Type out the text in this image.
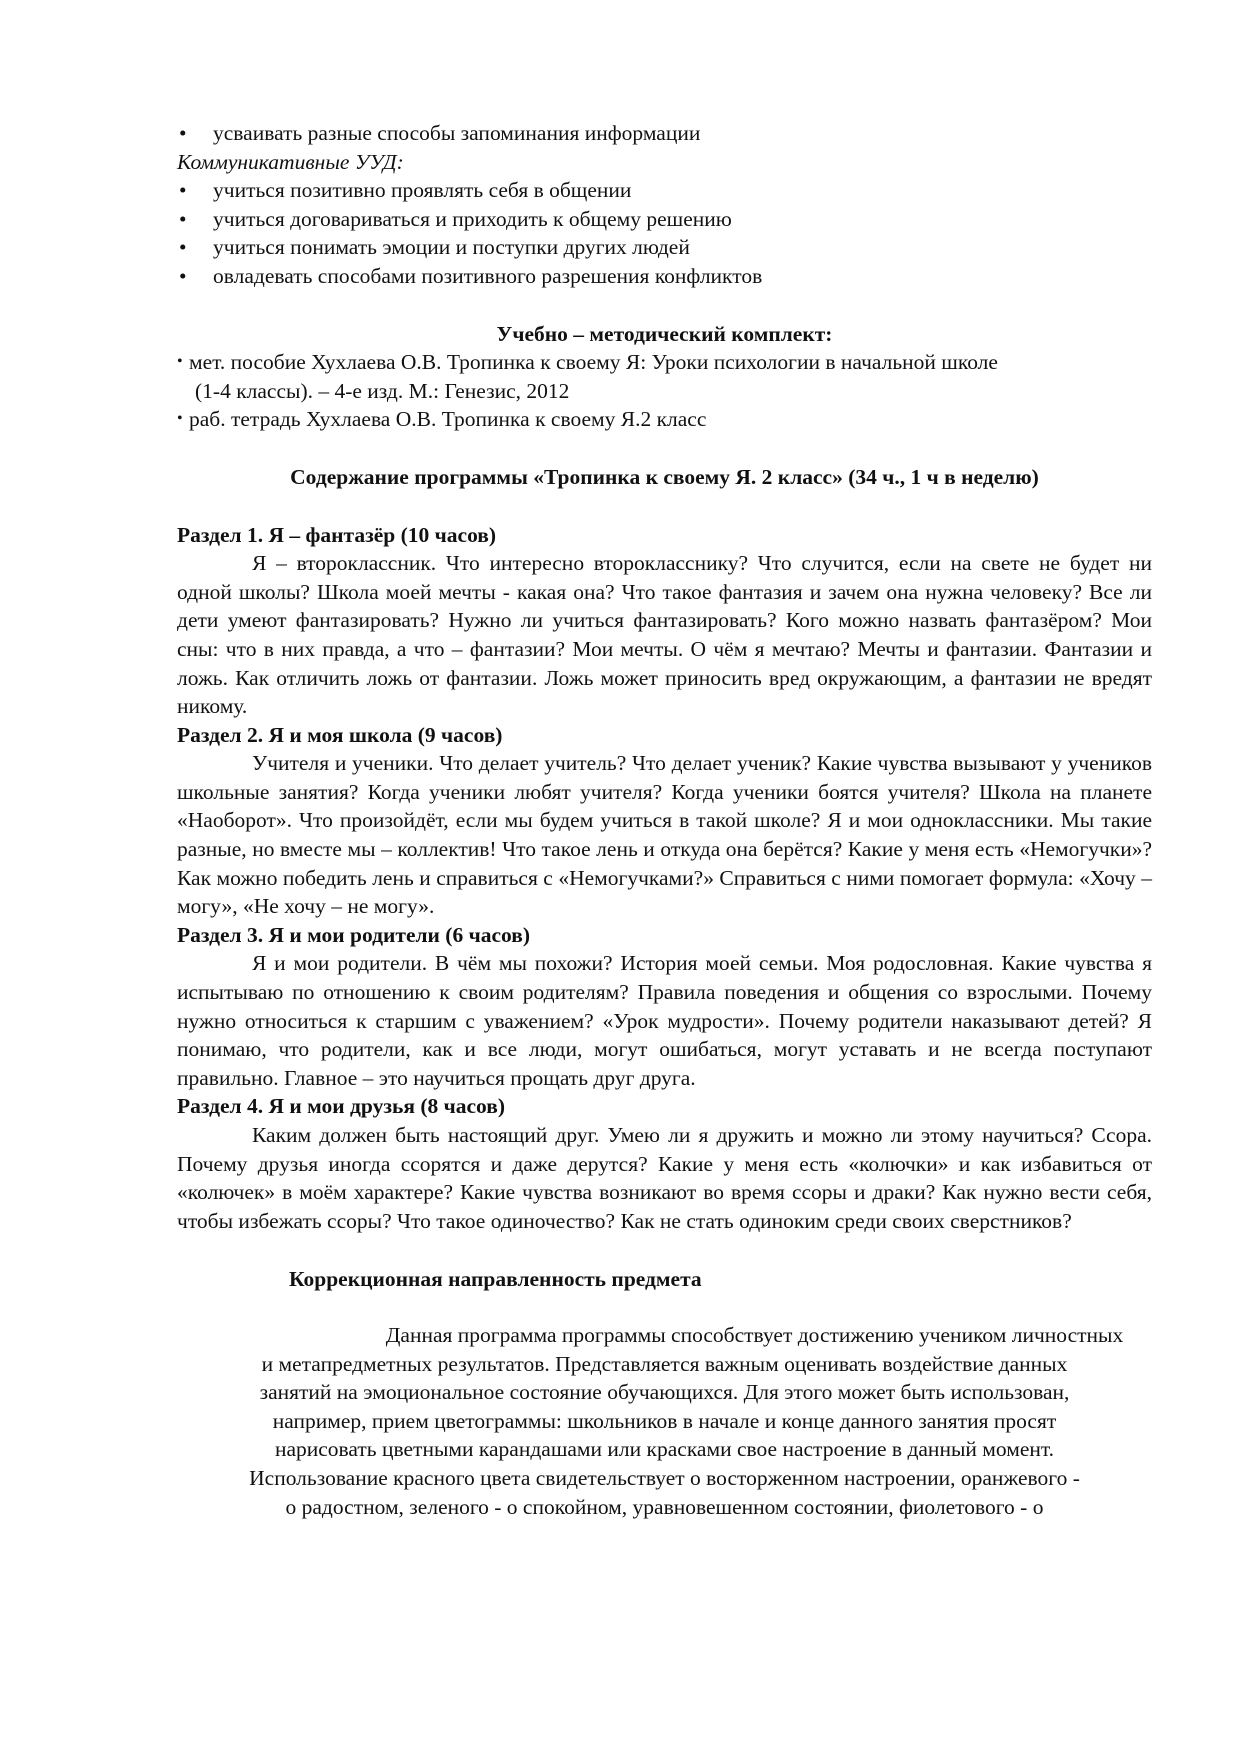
• усваивать разные способы запоминания информации
Коммуникативные УУД:
• учиться позитивно проявлять себя в общении
• учиться договариваться и приходить к общему решению
• учиться понимать эмоции и поступки других людей
• овладевать способами позитивного разрешения конфликтов
Учебно – методический комплект:
• мет. пособие Хухлаева О.В. Тропинка к своему Я: Уроки психологии в начальной школе
(1-4 классы). – 4-е изд. М.: Генезис, 2012
• раб. тетрадь Хухлаева О.В. Тропинка к своему Я.2 класс
Содержание программы «Тропинка к своему Я. 2 класс» (34 ч., 1 ч в неделю)
Раздел 1. Я – фантазёр (10 часов)
Я – второклассник. Что интересно второкласснику? Что случится, если на свете не будет ни одной школы? Школа моей мечты - какая она? Что такое фантазия и зачем она нужна человеку? Все ли дети умеют фантазировать? Нужно ли учиться фантазировать? Кого можно назвать фантазёром? Мои сны: что в них правда, а что – фантазии? Мои мечты. О чём я мечтаю? Мечты и фантазии. Фантазии и ложь. Как отличить ложь от фантазии. Ложь может приносить вред окружающим, а фантазии не вредят никому.
Раздел 2. Я и моя школа (9 часов)
Учителя и ученики. Что делает учитель? Что делает ученик? Какие чувства вызывают у учеников школьные занятия? Когда ученики любят учителя? Когда ученики боятся учителя? Школа на планете «Наоборот». Что произойдёт, если мы будем учиться в такой школе? Я и мои одноклассники. Мы такие разные, но вместе мы – коллектив! Что такое лень и откуда она берётся? Какие у меня есть «Немогучки»? Как можно победить лень и справиться с «Немогучками?» Справиться с ними помогает формула: «Хочу – могу», «Не хочу – не могу».
Раздел 3. Я и мои родители (6 часов)
Я и мои родители. В чём мы похожи? История моей семьи. Моя родословная. Какие чувства я испытываю по отношению к своим родителям? Правила поведения и общения со взрослыми. Почему нужно относиться к старшим с уважением? «Урок мудрости». Почему родители наказывают детей? Я понимаю, что родители, как и все люди, могут ошибаться, могут уставать и не всегда поступают правильно. Главное – это научиться прощать друг друга.
Раздел 4. Я и мои друзья (8 часов)
Каким должен быть настоящий друг. Умею ли я дружить и можно ли этому научиться? Ссора. Почему друзья иногда ссорятся и даже дерутся? Какие у меня есть «колючки» и как избавиться от «колючек» в моём характере? Какие чувства возникают во время ссоры и драки? Как нужно вести себя, чтобы избежать ссоры? Что такое одиночество? Как не стать одиноким среди своих сверстников?
Коррекционная направленность предмета
Данная программа программы способствует достижению учеником личностных
и метапредметных результатов. Представляется важным оценивать воздействие данных
занятий на эмоциональное состояние обучающихся. Для этого может быть использован,
например, прием цветограммы: школьников в начале и конце данного занятия просят
нарисовать цветными карандашами или красками свое настроение в данный момент.
Использование красного цвета свидетельствует о восторженном настроении, оранжевого -
о радостном, зеленого - о спокойном, уравновешенном состоянии, фиолетового - о
